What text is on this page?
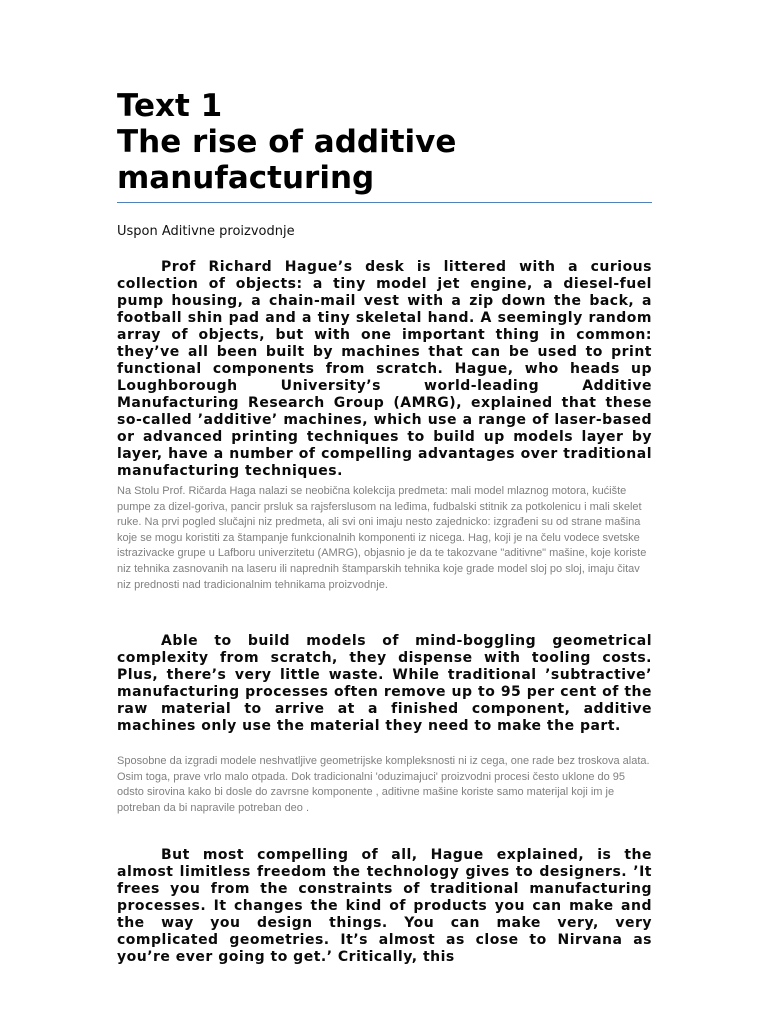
Text 1
The rise of additive
manufacturing
Uspon Aditivne proizvodnje

Prof Richard Hague’s desk is littered with a curious collection of objects: a tiny model jet engine, a diesel-fuel pump housing, a chain-mail vest with a zip down the back, a football shin pad and a tiny skeletal hand. A seemingly random array of objects, but with one important thing in common: they’ve all been built by machines that can be used to print functional components from scratch. Hague, who heads up Loughborough University’s world-leading Additive Manufacturing Research Group (AMRG), explained that these so-called ’additive’ machines, which use a range of laser-based or advanced printing techniques to build up models layer by layer, have a number of compelling advantages over traditional manufacturing techniques.

Na Stolu Prof. Ričarda Haga nalazi se neobična kolekcija predmeta: mali model mlaznog motora, kućište pumpe za dizel-goriva, pancir prsluk sa rajsferslusom na leđima, fudbalski stitnik za potkolenicu i mali skelet ruke. Na prvi pogled slučajni niz predmeta, ali svi oni imaju nesto zajednicko: izgrađeni su od strane mašina koje se mogu koristiti za štampanje funkcionalnih komponenti iz nicega. Hag, koji je na čelu vodece svetske istrazivacke grupe u Lafboru univerzitetu (AMRG), objasnio je da te takozvane "aditivne" mašine, koje koriste niz tehnika zasnovanih na laseru ili naprednih štamparskih tehnika koje grade model sloj po sloj, imaju čitav niz prednosti nad tradicionalnim tehnikama proizvodnje.

Able to build models of mind-boggling geometrical complexity from scratch, they dispense with tooling costs. Plus, there’s very little waste. While traditional ’subtractive’ manufacturing processes often remove up to 95 per cent of the raw material to arrive at a finished component, additive machines only use the material they need to make the part.

Sposobne da izgradi modele neshvatljive geometrijske kompleksnosti ni iz cega, one rade bez troskova alata. Osim toga, prave vrlo malo otpada. Dok tradicionalni 'oduzimajuci' proizvodni procesi često uklone do 95 odsto sirovina kako bi dosle do zavrsne komponente , aditivne mašine koriste samo materijal koji im je potreban da bi napravile potreban deo .

But most compelling of all, Hague explained, is the almost limitless freedom the technology gives to designers. ’It frees you from the constraints of traditional manufacturing processes. It changes the kind of products you can make and the way you design things. You can make very, very complicated geometries. It’s almost as close to Nirvana as you’re ever going to get.’ Critically, this
